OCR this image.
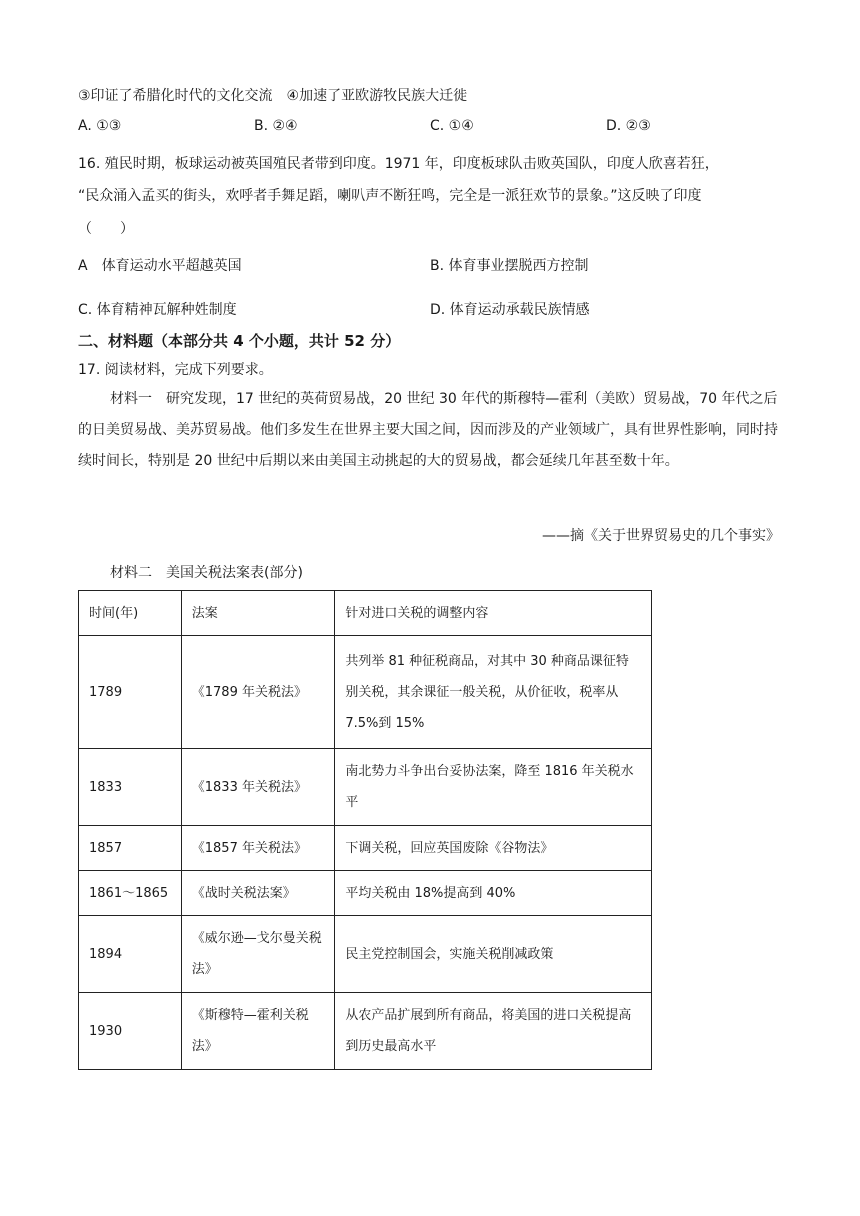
③印证了希腊化时代的文化交流　④加速了亚欧游牧民族大迁徙
A. ①③	B. ②④	C. ①④	D. ②③
16. 殖民时期，板球运动被英国殖民者带到印度。1971 年，印度板球队击败英国队，印度人欣喜若狂，
“民众涌入孟买的街头，欢呼者手舞足蹈，喇叭声不断狂鸣，完全是一派狂欢节的景象。”这反映了印度
（　　）
A　体育运动水平超越英国	B. 体育事业摆脱西方控制
C. 体育精神瓦解种姓制度	D. 体育运动承载民族情感
二、材料题（本部分共 4 个小题，共计 52 分）
17. 阅读材料，完成下列要求。
材料一　研究发现，17 世纪的英荷贸易战，20 世纪 30 年代的斯穆特—霍利（美欧）贸易战，70 年代之后的日美贸易战、美苏贸易战。他们多发生在世界主要大国之间，因而涉及的产业领域广，具有世界性影响，同时持续时间长，特别是 20 世纪中后期以来由美国主动挑起的大的贸易战，都会延续几年甚至数十年。
——摘《关于世界贸易史的几个事实》
材料二　美国关税法案表(部分)
时间(年)	法案	针对进口关税的调整内容
1789	《1789 年关税法》	共列举 81 种征税商品，对其中 30 种商品课征特别关税，其余课征一般关税，从价征收，税率从 7.5%到 15%
1833	《1833 年关税法》	南北势力斗争出台妥协法案，降至 1816 年关税水平
1857	《1857 年关税法》	下调关税，回应英国废除《谷物法》
1861～1865	《战时关税法案》	平均关税由 18%提高到 40%
1894	《威尔逊—戈尔曼关税法》	民主党控制国会，实施关税削减政策
1930	《斯穆特—霍利关税法》	从农产品扩展到所有商品，将美国的进口关税提高到历史最高水平
